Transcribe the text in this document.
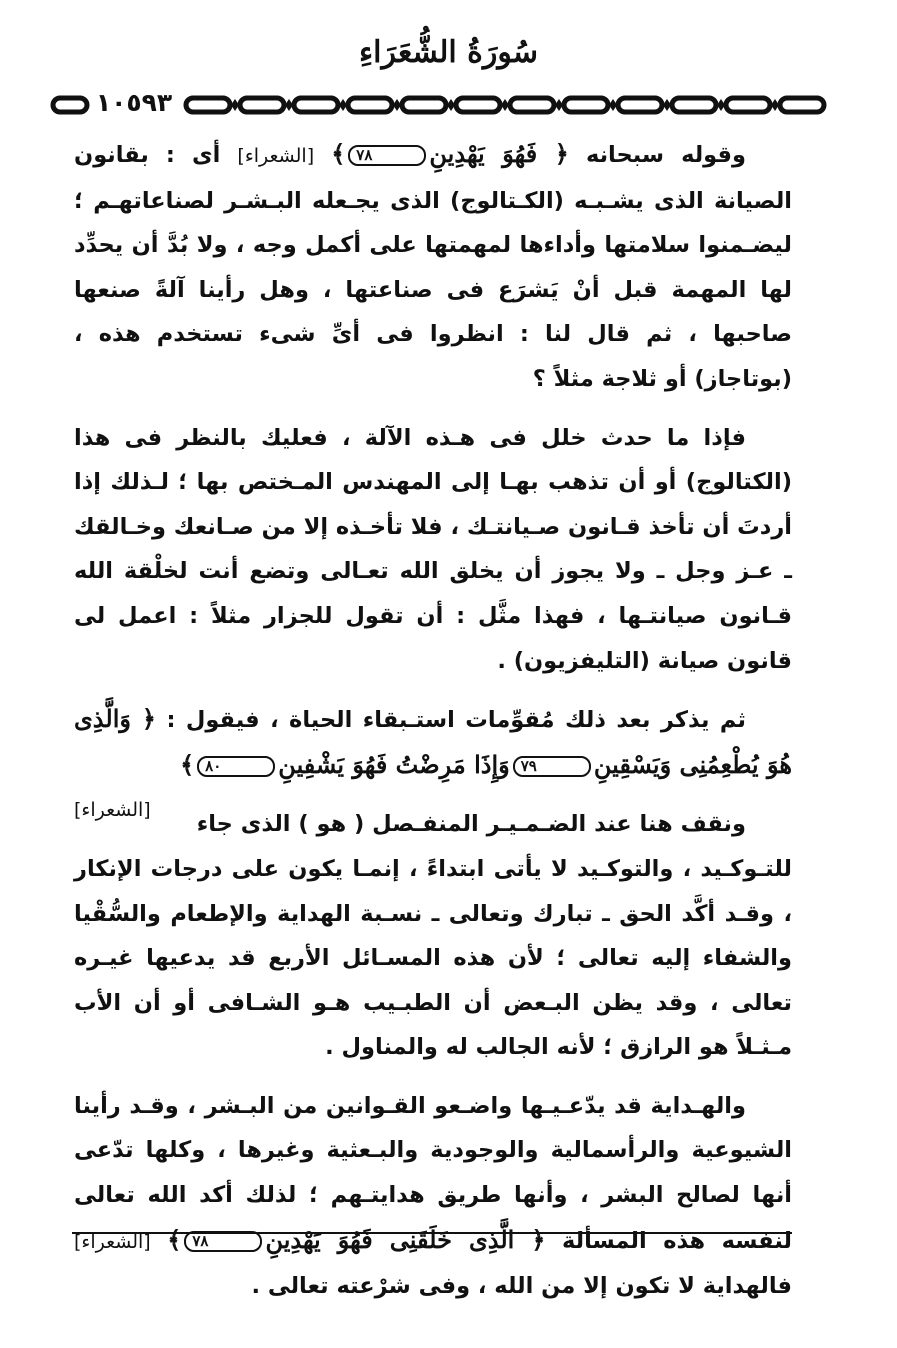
سُورَةُ الشُّعَرَاءِ
١٠٥٩٣

وقوله سبحانه ﴿ فَهُوَ يَهْدِينِ٧٨﴾ [الشعراء] أى : بقانون الصيانة الذى يشـبـه (الكـتالوج) الذى يجـعله البـشـر لصناعاتهـم ؛ ليضـمنوا سلامتها وأداءها لمهمتها على أكمل وجه ، ولا بُدَّ أن يحدِّد لها المهمة قبل أنْ يَشرَع فى صناعتها ، وهل رأينا آلةً صنعها صاحبها ، ثم قال لنا : انظروا فى أىِّ شىء تستخدم هذه ، (بوتاجاز) أو ثلاجة مثلاً ؟

فإذا ما حدث خلل فى هـذه الآلة ، فعليك بالنظر فى هذا (الكتالوج) أو أن تذهب بهـا إلى المهندس المـختص بها ؛ لـذلك إذا أردتَ أن تأخذ قـانون صـيانتـك ، فلا تأخـذه إلا من صـانعك وخـالقك ـ عـز وجل ـ ولا يجوز أن يخلق الله تعـالى وتضع أنت لخلْقة الله قـانون صيانتـها ، فهذا مثَّل : أن تقول للجزار مثلاً : اعمل لى قانون صيانة (التليفزيون) .

ثم يذكر بعد ذلك مُقوِّمات استـبقاء الحياة ، فيقول : ﴿ وَالَّذِى هُوَ يُطْعِمُنِى وَيَسْقِينِ٧٩وَإِذَا مَرِضْتُ فَهُوَ يَشْفِينِ٨٠﴾
[الشعراء]

ونقف هنا عند الضـمـيـر المنفـصل ( هو ) الذى جاء للتـوكـيد ، والتوكـيد لا يأتى ابتداءً ، إنمـا يكون على درجات الإنكار ، وقـد أكَّد الحق ـ تبارك وتعالى ـ نسـبة الهداية والإطعام والسُّقْيا والشفاء إليه تعالى ؛ لأن هذه المسـائل الأربع قد يدعيها غيـره تعالى ، وقد يظن البـعض أن الطبـيب هـو الشـافى أو أن الأب مـثـلاً هو الرازق ؛ لأنه الجالب له والمناول .

والهـداية قد يدّعـيـها واضـعو القـوانين من البـشر ، وقـد رأينا الشيوعية والرأسمالية والوجودية والبـعثية وغيرها ، وكلها تدّعى أنها لصالح البشر ، وأنها طريق هدايتـهم ؛ لذلك أكد الله تعالى لنفسه هذه المسألة ﴿ الَّذِى خَلَقَنِى فَهُوَ يَهْدِينِ٧٨﴾ [الشعراء] فالهداية لا تكون إلا من الله ، وفى شرْعته تعالى .
